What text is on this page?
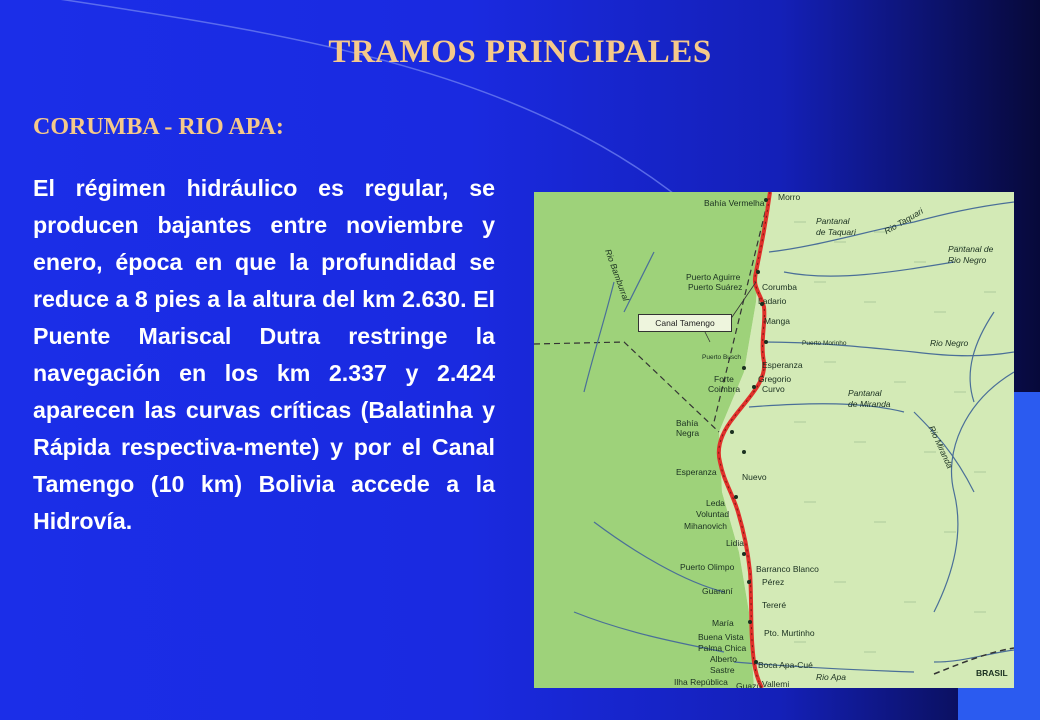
TRAMOS PRINCIPALES
CORUMBA - RIO APA:
El régimen hidráulico es regular, se producen bajantes entre noviembre y enero, época en que la profundidad se reduce a 8 pies a la altura del km 2.630. El Puente Mariscal Dutra restringe la navegación en los km 2.337 y 2.424 aparecen las curvas críticas (Balatinha y Rápida respectiva-mente) y por el Canal Tamengo (10 km) Bolivia accede a la Hidrovía.
Canal Tamengo
Morro
Bahía Vermelha
Pantanal
de Taquari	Rio Taquari
Pantanal de
Rio Negro
Rio Bamburral	Puerto Aguirre
Puerto Suárez Corumba
Ladario
Manga
Puerto Morinho	Rio Negro
Puerto Busch
Esperanza
Forte
Coimbra
Gregorio
Curvo	Pantanal
de Miranda
Rio Miranda
Bahía
Negra
Esperanza	Nuevo
Leda
Voluntad
Mihanovich
Lidia
Puerto Olimpo	Barranco Blanco
Pérez
Guaraní
Tereré
María
Pto. Murtinho
Buena Vista
Palma Chica
Alberto
Sastre	Boca Apa-Cué
Ilha República Guazú Vallemi
Rio Apa	BRASIL
